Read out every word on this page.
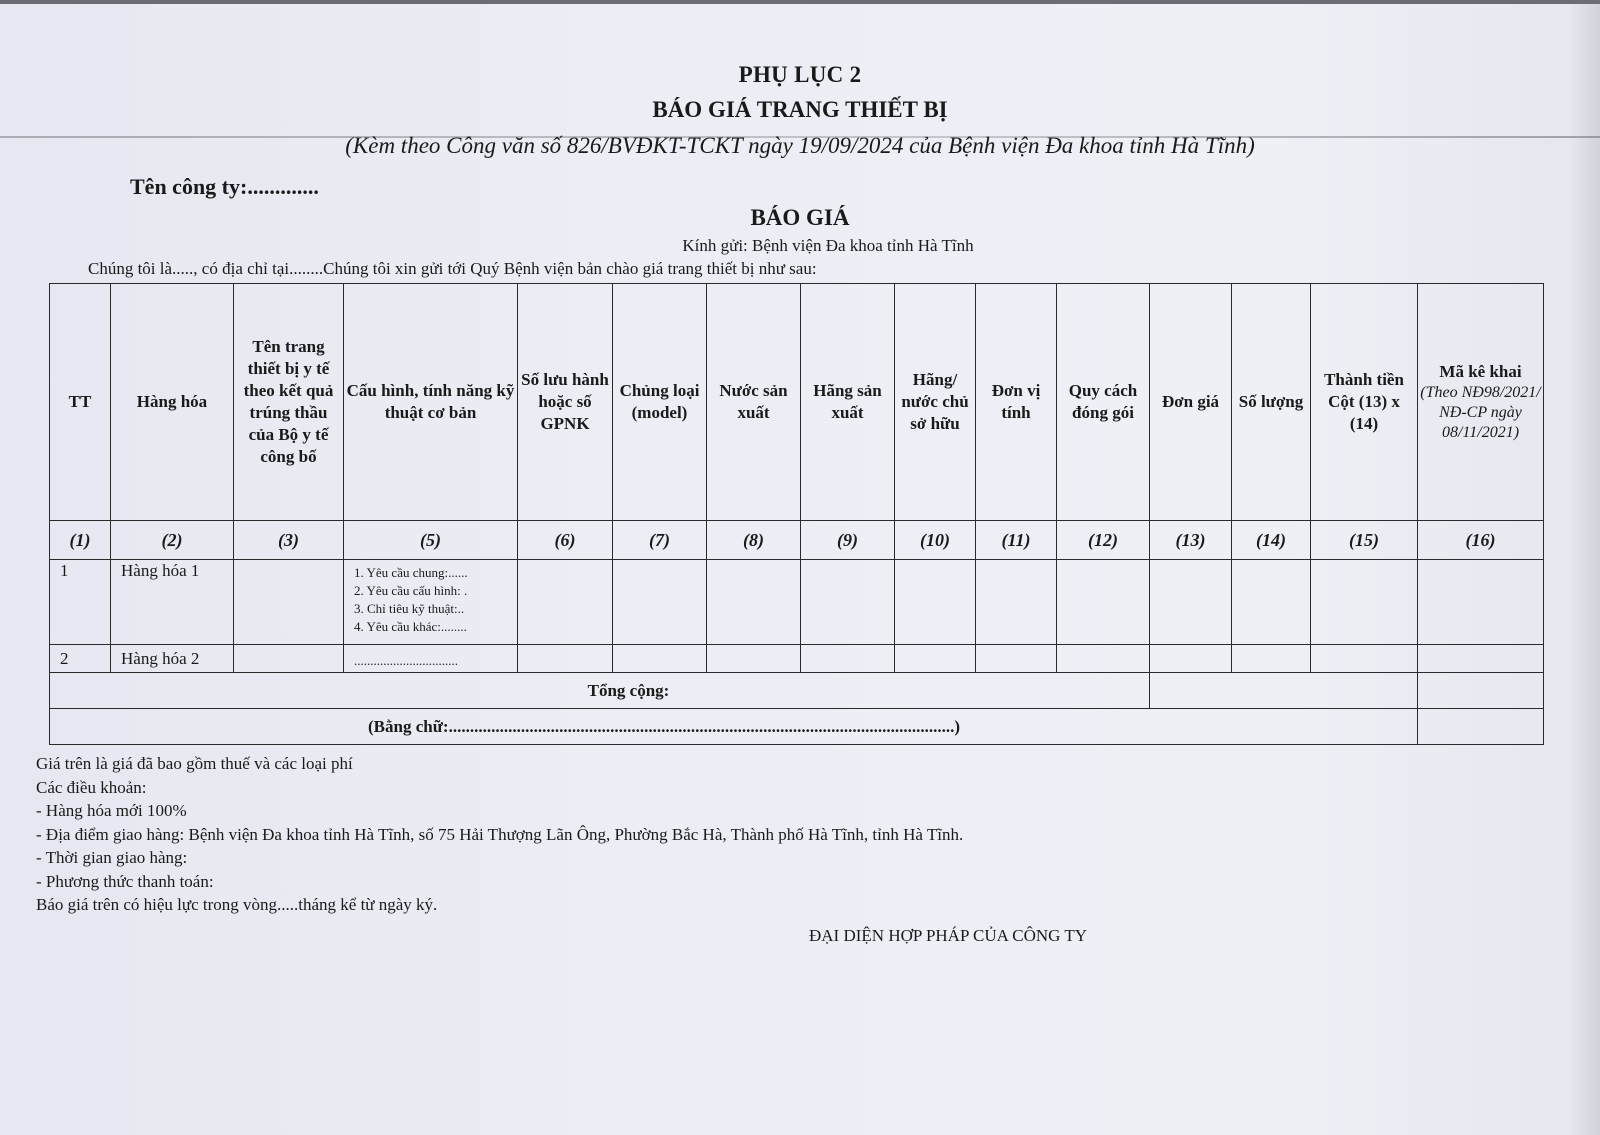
PHỤ LỤC 2
BÁO GIÁ TRANG THIẾT BỊ
(Kèm theo Công văn số 826/BVĐKT-TCKT ngày 19/09/2024 của Bệnh viện Đa khoa tỉnh Hà Tĩnh)
Tên công ty:.............
BÁO GIÁ
Kính gửi: Bệnh viện Đa khoa tỉnh Hà Tĩnh
Chúng tôi là....., có địa chỉ tại........Chúng tôi xin gửi tới Quý Bệnh viện bản chào giá trang thiết bị như sau:
TT	Hàng hóa	Tên trang thiết bị y tế theo kết quả trúng thầu của Bộ y tế công bố	Cấu hình, tính năng kỹ thuật cơ bản	Số lưu hành hoặc số GPNK	Chủng loại (model)	Nước sản xuất	Hãng sản xuất	Hãng/ nước chủ sở hữu	Đơn vị tính	Quy cách đóng gói	Đơn giá	Số lượng	Thành tiền Cột (13) x (14)	Mã kê khai
(Theo NĐ98/2021/ NĐ-CP ngày 08/11/2021)

(1)	(2)	(3)	(5)	(6)	(7)	(8)	(9)	(10)	(11)	(12)	(13)	(14)	(15)	(16)
1	Hàng hóa 1		1. Yêu cầu chung:......
2. Yêu cầu cấu hình: .
3. Chỉ tiêu kỹ thuật:..
4. Yêu cầu khác:........											

2	Hàng hóa 2		................................											
Tổng cộng:														
(Bằng chữ:.......................................................................................................................)														
Giá trên là giá đã bao gồm thuế và các loại phí
Các điều khoản:
- Hàng hóa mới 100%
- Địa điểm giao hàng: Bệnh viện Đa khoa tỉnh Hà Tĩnh, số 75 Hải Thượng Lãn Ông, Phường Bắc Hà, Thành phố Hà Tĩnh, tỉnh Hà Tĩnh.
- Thời gian giao hàng:
- Phương thức thanh toán:
Báo giá trên có hiệu lực trong vòng.....tháng kể từ ngày ký.
ĐẠI DIỆN HỢP PHÁP CỦA CÔNG TY
